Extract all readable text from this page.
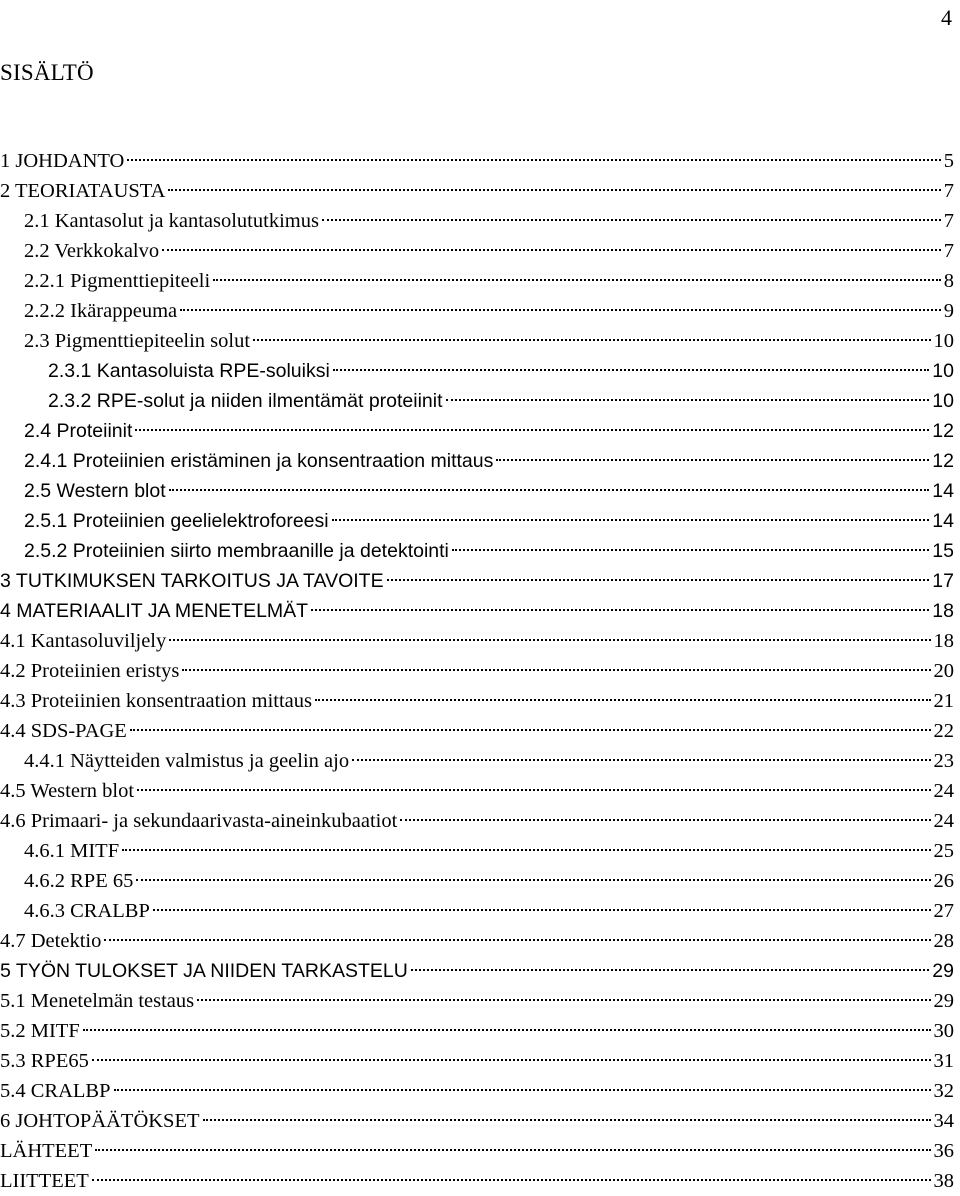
4
SISÄLTÖ
1 JOHDANTO	5
2 TEORIATAUSTA	7
2.1 Kantasolut ja kantasolututkimus	7
2.2 Verkkokalvo	7
2.2.1 Pigmenttiepiteeli	8
2.2.2 Ikärappeuma	9
2.3 Pigmenttiepiteelin solut	10
2.3.1 Kantasoluista RPE-soluiksi	10
2.3.2 RPE-solut ja niiden ilmentämät proteiinit	10
2.4 Proteiinit	12
2.4.1 Proteiinien eristäminen ja konsentraation mittaus	12
2.5 Western blot	14
2.5.1 Proteiinien geelielektroforeesi	14
2.5.2 Proteiinien siirto membraanille ja detektointi	15
3 TUTKIMUKSEN TARKOITUS JA TAVOITE	17
4 MATERIAALIT JA MENETELMÄT	18
4.1 Kantasoluviljely	18
4.2 Proteiinien eristys	20
4.3 Proteiinien konsentraation mittaus	21
4.4 SDS-PAGE	22
4.4.1 Näytteiden valmistus ja geelin ajo	23
4.5 Western blot	24
4.6 Primaari- ja sekundaarivasta-aineinkubaatiot	24
4.6.1 MITF	25
4.6.2 RPE 65	26
4.6.3 CRALBP	27
4.7 Detektio	28
5 TYÖN TULOKSET JA NIIDEN TARKASTELU	29
5.1 Menetelmän testaus	29
5.2 MITF	30
5.3 RPE65	31
5.4 CRALBP	32
6 JOHTOPÄÄTÖKSET	34
LÄHTEET	36
LIITTEET	38
